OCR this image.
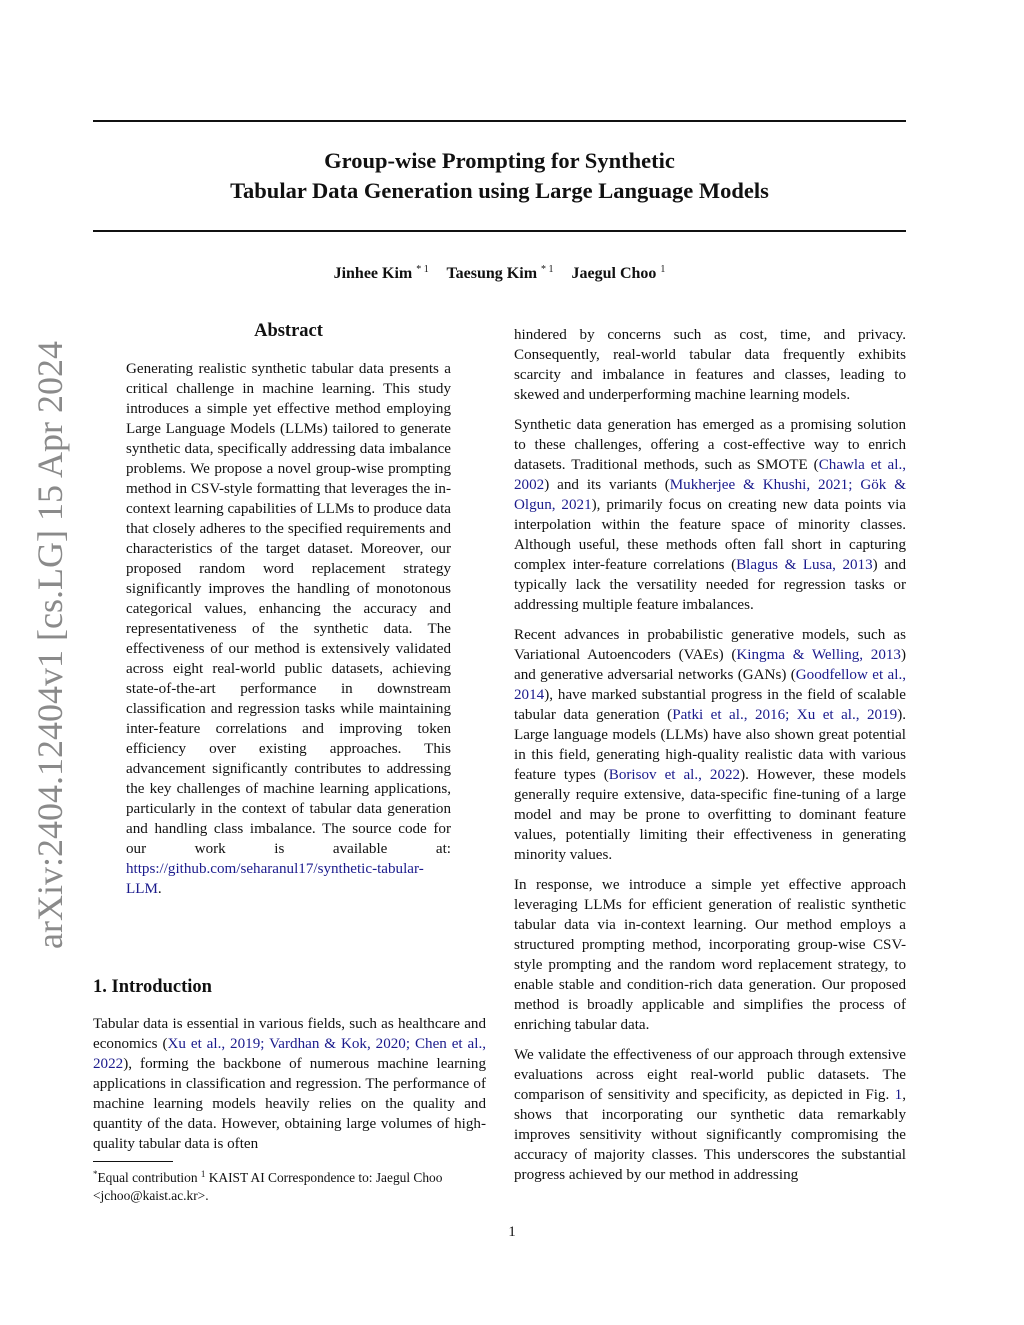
Group-wise Prompting for Synthetic
Tabular Data Generation using Large Language Models
Jinhee Kim $^{* 1}$ Taesung Kim $^{* 1}$ Jaegul Choo $^1$
arXiv:2404.12404v1 [cs.LG] 15 Apr 2024
Abstract
Generating realistic synthetic tabular data presents a critical challenge in machine learning. This study introduces a simple yet effective method employing Large Language Models (LLMs) tailored to generate synthetic data, specifically addressing data imbalance problems. We propose a novel group-wise prompting method in CSV-style formatting that leverages the in-context learning capabilities of LLMs to produce data that closely adheres to the specified requirements and characteristics of the target dataset. Moreover, our proposed random word replacement strategy significantly improves the handling of monotonous categorical values, enhancing the accuracy and representativeness of the synthetic data. The effectiveness of our method is extensively validated across eight real-world public datasets, achieving state-of-the-art performance in downstream classification and regression tasks while maintaining inter-feature correlations and improving token efficiency over existing approaches. This advancement significantly contributes to addressing the key challenges of machine learning applications, particularly in the context of tabular data generation and handling class imbalance. The source code for our work is available at: https://github.com/seharanul17/synthetic-tabular-LLM.
1. Introduction
Tabular data is essential in various fields, such as healthcare and economics (Xu et al., 2019; Vardhan & Kok, 2020; Chen et al., 2022), forming the backbone of numerous machine learning applications in classification and regression. The performance of machine learning models heavily relies on the quality and quantity of the data. However, obtaining large volumes of high-quality tabular data is often
*Equal contribution $^1$ KAIST AI Correspondence to: Jaegul Choo <jchoo@kaist.ac.kr>.

hindered by concerns such as cost, time, and privacy. Consequently, real-world tabular data frequently exhibits scarcity and imbalance in features and classes, leading to skewed and underperforming machine learning models.

Synthetic data generation has emerged as a promising solution to these challenges, offering a cost-effective way to enrich datasets. Traditional methods, such as SMOTE (Chawla et al., 2002) and its variants (Mukherjee & Khushi, 2021; Gök & Olgun, 2021), primarily focus on creating new data points via interpolation within the feature space of minority classes. Although useful, these methods often fall short in capturing complex inter-feature correlations (Blagus & Lusa, 2013) and typically lack the versatility needed for regression tasks or addressing multiple feature imbalances.

Recent advances in probabilistic generative models, such as Variational Autoencoders (VAEs) (Kingma & Welling, 2013) and generative adversarial networks (GANs) (Goodfellow et al., 2014), have marked substantial progress in the field of scalable tabular data generation (Patki et al., 2016; Xu et al., 2019). Large language models (LLMs) have also shown great potential in this field, generating high-quality realistic data with various feature types (Borisov et al., 2022). However, these models generally require extensive, data-specific fine-tuning of a large model and may be prone to overfitting to dominant feature values, potentially limiting their effectiveness in generating minority values.

In response, we introduce a simple yet effective approach leveraging LLMs for efficient generation of realistic synthetic tabular data via in-context learning. Our method employs a structured prompting method, incorporating group-wise CSV-style prompting and the random word replacement strategy, to enable stable and condition-rich data generation. Our proposed method is broadly applicable and simplifies the process of enriching tabular data.

We validate the effectiveness of our approach through extensive evaluations across eight real-world public datasets. The comparison of sensitivity and specificity, as depicted in Fig. 1, shows that incorporating our synthetic data remarkably improves sensitivity without significantly compromising the accuracy of majority classes. This underscores the substantial progress achieved by our method in addressing

1
